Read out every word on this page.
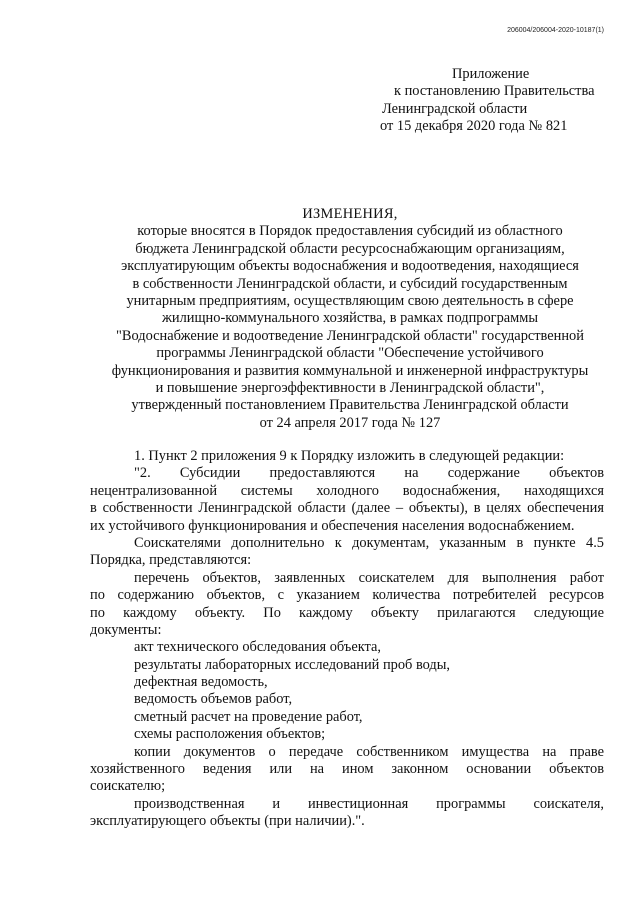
206004/206004-2020-10187(1)
Приложение
к постановлению Правительства
Ленинградской области
от 15 декабря 2020 года № 821
ИЗМЕНЕНИЯ,
которые вносятся в Порядок предоставления субсидий из областного
бюджета Ленинградской области ресурсоснабжающим организациям,
эксплуатирующим объекты водоснабжения и водоотведения, находящиеся
в собственности Ленинградской области, и субсидий государственным
унитарным предприятиям, осуществляющим свою деятельность в сфере
жилищно-коммунального хозяйства, в рамках подпрограммы
"Водоснабжение и водоотведение Ленинградской области" государственной
программы Ленинградской области "Обеспечение устойчивого
функционирования и развития коммунальной и инженерной инфраструктуры
и повышение энергоэффективности в Ленинградской области",
утвержденный постановлением Правительства Ленинградской области
от 24 апреля 2017 года № 127
1. Пункт 2 приложения 9 к Порядку изложить в следующей редакции:
"2. Субсидии предоставляются на содержание объектов
нецентрализованной системы холодного водоснабжения, находящихся
в собственности Ленинградской области (далее – объекты), в целях обеспечения
их устойчивого функционирования и обеспечения населения водоснабжением.
Соискателями дополнительно к документам, указанным в пункте 4.5
Порядка, представляются:
перечень объектов, заявленных соискателем для выполнения работ
по содержанию объектов, с указанием количества потребителей ресурсов
по каждому объекту. По каждому объекту прилагаются следующие
документы:
акт технического обследования объекта,
результаты лабораторных исследований проб воды,
дефектная ведомость,
ведомость объемов работ,
сметный расчет на проведение работ,
схемы расположения объектов;
копии документов о передаче собственником имущества на праве
хозяйственного ведения или на ином законном основании объектов
соискателю;
производственная и инвестиционная программы соискателя,
эксплуатирующего объекты (при наличии).".
